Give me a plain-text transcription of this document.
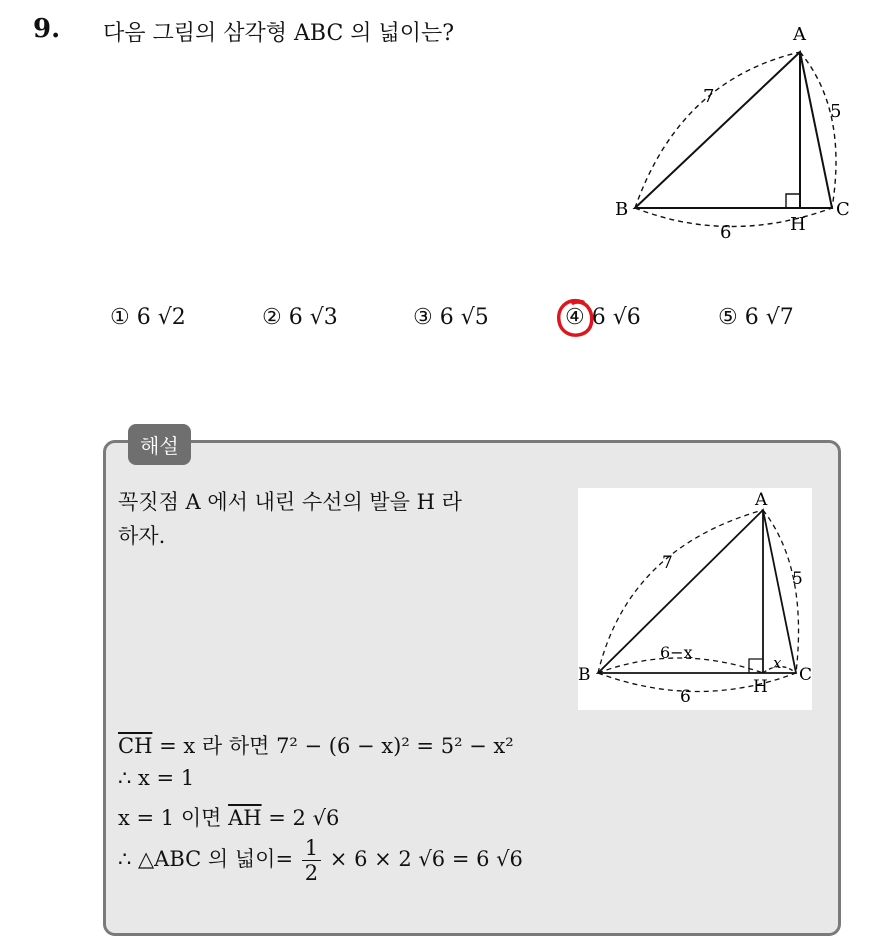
9. 다음 그림의 삼각형 ABC 의 넓이는?	A
B	C
H
7
5
6
① 6 √2	② 6 √3	③ 6 √5	④ 6 √6	⑤ 6 √7
해설
꼭짓점 A 에서 내린 수선의 발을 H 라
하자.
A
B	C
H
7
5
6
6−x
x
$\overline{CH} = x$ 라 하면 7² − (6 − x)² = 5² − x²
∴ x = 1
x = 1 이면 $\overline{AH} = 2$ √6
∴ △ABC 의 넓이= $\frac{1}{2} \times 6 \times 2$ √6 = 6 √6
